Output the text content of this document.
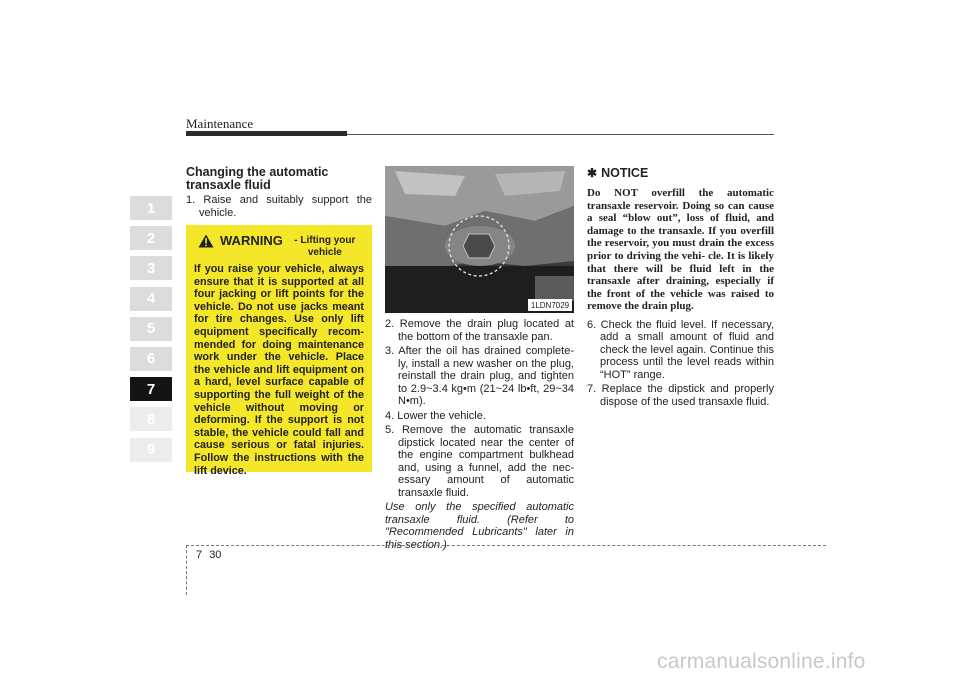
Maintenance
1
2
3
4
5
6
7
8
9
Changing the automatic transaxle fluid
1. Raise and suitably support the vehicle.
WARNING	- Lifting your vehicle
If you raise your vehicle, always ensure that it is supported at all four jacking or lift points for the vehicle. Do not use jacks meant for tire changes. Use only lift equipment specifically recom- mended for doing maintenance work under the vehicle. Place the vehicle and lift equipment on a hard, level surface capable of supporting the full weight of the vehicle without moving or deforming. If the support is not stable, the vehicle could fall and cause serious or fatal injuries. Follow the instructions with the lift device.
1LDN7029
2. Remove the drain plug located at the bottom of the transaxle pan.
3. After the oil has drained complete- ly, install a new washer on the plug, reinstall the drain plug, and tighten to 2.9~3.4 kg•m (21~24 lb•ft, 29~34 N•m).
4. Lower the vehicle.
5. Remove the automatic transaxle dipstick located near the center of the engine compartment bulkhead and, using a funnel, add the nec- essary amount of automatic transaxle fluid.
Use only the specified automatic transaxle fluid. (Refer to "Recommended Lubricants" later in this section.)
✱ NOTICE
Do NOT overfill the automatic transaxle reservoir. Doing so can cause a seal “blow out”, loss of fluid, and damage to the transaxle. If you overfill the reservoir, you must drain the excess prior to driving the vehi- cle. It is likely that there will be fluid left in the transaxle after draining, especially if the front of the vehicle was raised to remove the drain plug.
6. Check the fluid level. If necessary, add a small amount of fluid and check the level again. Continue this process until the level reads within “HOT” range.
7. Replace the dipstick and properly dispose of the used transaxle fluid.
7 30
carmanualsonline.info
